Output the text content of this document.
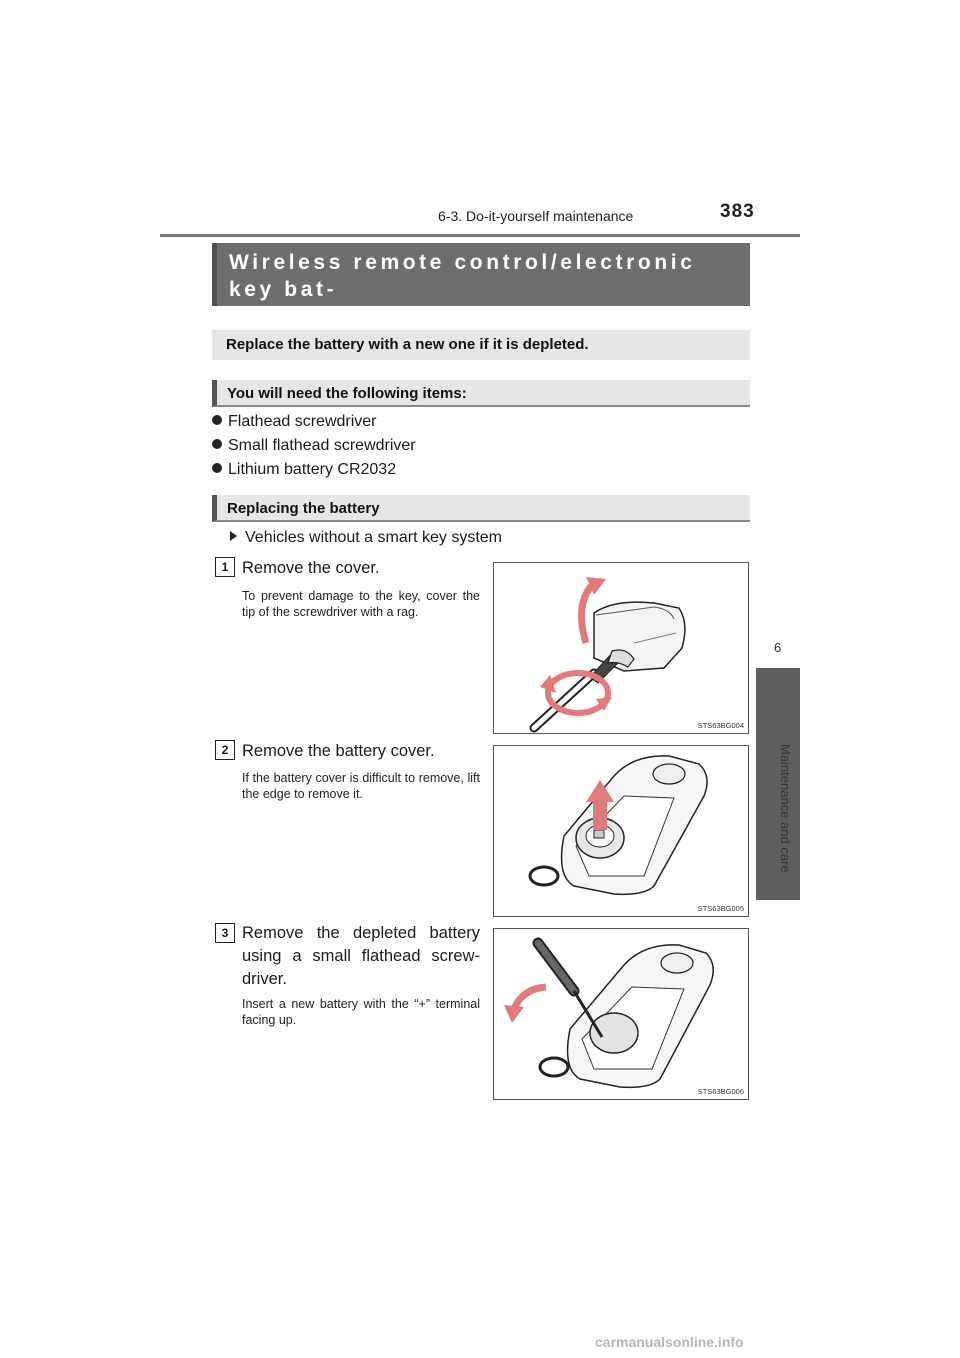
6-3. Do-it-yourself maintenance	383
6
Maintenance and care
Wireless remote control/electronic key bat-
tery
Replace the battery with a new one if it is depleted.
You will need the following items:
Flathead screwdriver
Small flathead screwdriver
Lithium battery CR2032
Replacing the battery
Vehicles without a smart key system
1 Remove the cover.
To prevent damage to the key, cover the tip of the screwdriver with a rag.
STS63BG004
2 Remove the battery cover.
If the battery cover is difficult to remove, lift the edge to remove it.
STS63BG005
3 Remove the depleted battery using a small flathead screw-driver.
Insert a new battery with the “+” terminal facing up.
STS63BG006
carmanualsonline.info
